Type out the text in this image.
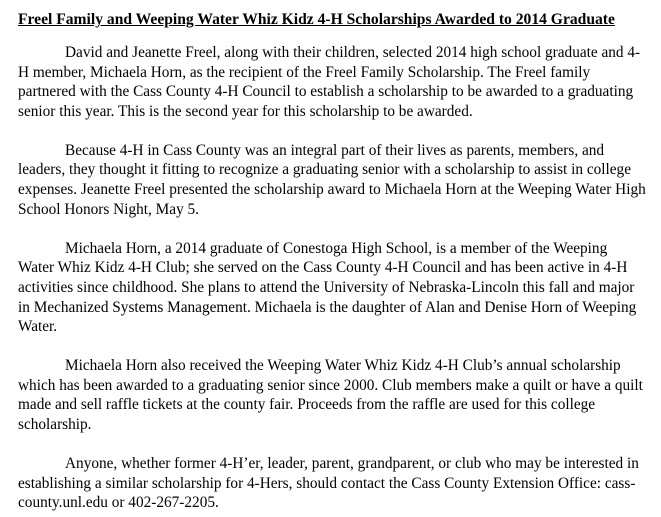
Freel Family and Weeping Water Whiz Kidz 4-H Scholarships Awarded to 2014 Graduate

David and Jeanette Freel, along with their children, selected 2014 high school graduate and 4-H member, Michaela Horn, as the recipient of the Freel Family Scholarship. The Freel family partnered with the Cass County 4-H Council to establish a scholarship to be awarded to a graduating senior this year. This is the second year for this scholarship to be awarded.

Because 4-H in Cass County was an integral part of their lives as parents, members, and leaders, they thought it fitting to recognize a graduating senior with a scholarship to assist in college expenses. Jeanette Freel presented the scholarship award to Michaela Horn at the Weeping Water High School Honors Night, May 5.

Michaela Horn, a 2014 graduate of Conestoga High School, is a member of the Weeping Water Whiz Kidz 4-H Club; she served on the Cass County 4-H Council and has been active in 4-H activities since childhood. She plans to attend the University of Nebraska-Lincoln this fall and major in Mechanized Systems Management. Michaela is the daughter of Alan and Denise Horn of Weeping Water.

Michaela Horn also received the Weeping Water Whiz Kidz 4-H Club’s annual scholarship which has been awarded to a graduating senior since 2000. Club members make a quilt or have a quilt made and sell raffle tickets at the county fair. Proceeds from the raffle are used for this college scholarship.

Anyone, whether former 4-H’er, leader, parent, grandparent, or club who may be interested in establishing a similar scholarship for 4-Hers, should contact the Cass County Extension Office: cass-county.unl.edu or 402-267-2205.
